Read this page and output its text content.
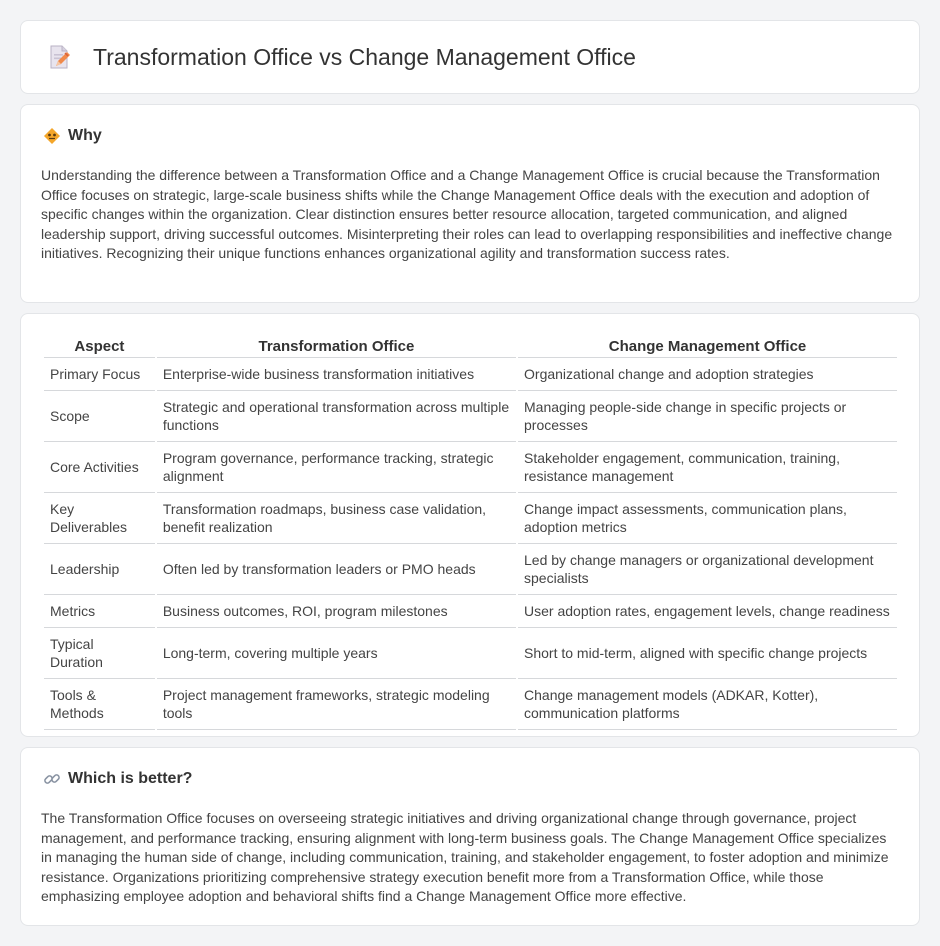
Transformation Office vs Change Management Office
Why

Understanding the difference between a Transformation Office and a Change Management Office is crucial because the Transformation Office focuses on strategic, large-scale business shifts while the Change Management Office deals with the execution and adoption of specific changes within the organization. Clear distinction ensures better resource allocation, targeted communication, and aligned leadership support, driving successful outcomes. Misinterpreting their roles can lead to overlapping responsibilities and ineffective change initiatives. Recognizing their unique functions enhances organizational agility and transformation success rates.

Aspect	Transformation Office	Change Management Office
Primary Focus	Enterprise-wide business transformation initiatives	Organizational change and adoption strategies
Scope	Strategic and operational transformation across multiple functions	Managing people-side change in specific projects or processes
Core Activities	Program governance, performance tracking, strategic alignment	Stakeholder engagement, communication, training, resistance management
Key Deliverables	Transformation roadmaps, business case validation, benefit realization	Change impact assessments, communication plans, adoption metrics
Leadership	Often led by transformation leaders or PMO heads	Led by change managers or organizational development specialists
Metrics	Business outcomes, ROI, program milestones	User adoption rates, engagement levels, change readiness
Typical Duration	Long-term, covering multiple years	Short to mid-term, aligned with specific change projects
Tools & Methods	Project management frameworks, strategic modeling tools	Change management models (ADKAR, Kotter), communication platforms
Which is better?

The Transformation Office focuses on overseeing strategic initiatives and driving organizational change through governance, project management, and performance tracking, ensuring alignment with long-term business goals. The Change Management Office specializes in managing the human side of change, including communication, training, and stakeholder engagement, to foster adoption and minimize resistance. Organizations prioritizing comprehensive strategy execution benefit more from a Transformation Office, while those emphasizing employee adoption and behavioral shifts find a Change Management Office more effective.
